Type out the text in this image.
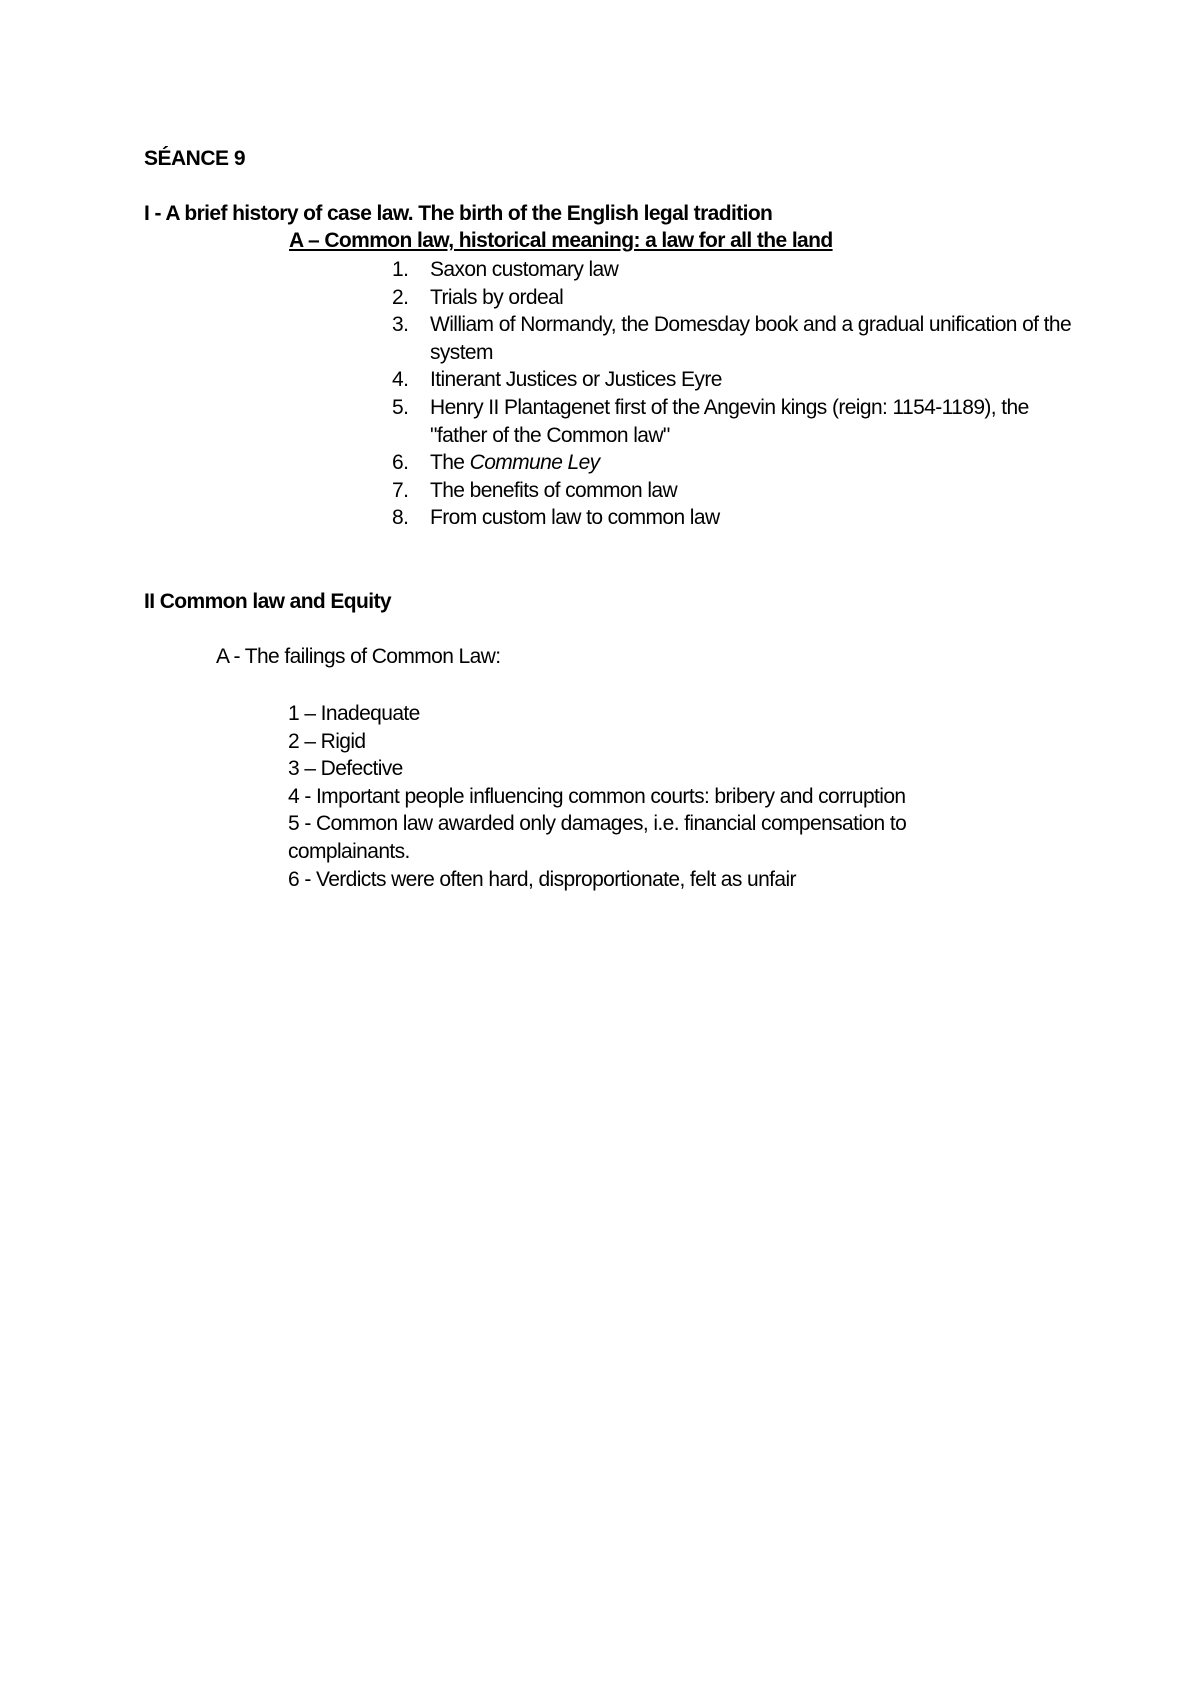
SÉANCE 9
I - A brief history of case law. The birth of the English legal tradition
A – Common law, historical meaning: a law for all the land
1.	Saxon customary law
2.	Trials by ordeal
3.	William of Normandy, the Domesday book and a gradual unification of the system
4.	Itinerant Justices or Justices Eyre
5.	Henry II Plantagenet first of the Angevin kings (reign: 1154-1189), the "father of the Common law"
6.	The Commune Ley
7.	The benefits of common law
8.	From custom law to common law
II Common law and Equity
A - The failings of Common Law:
1 – Inadequate
2 – Rigid
3 – Defective
4 - Important people influencing common courts: bribery and corruption
5 - Common law awarded only damages, i.e. financial compensation to complainants.
6 - Verdicts were often hard, disproportionate, felt as unfair
